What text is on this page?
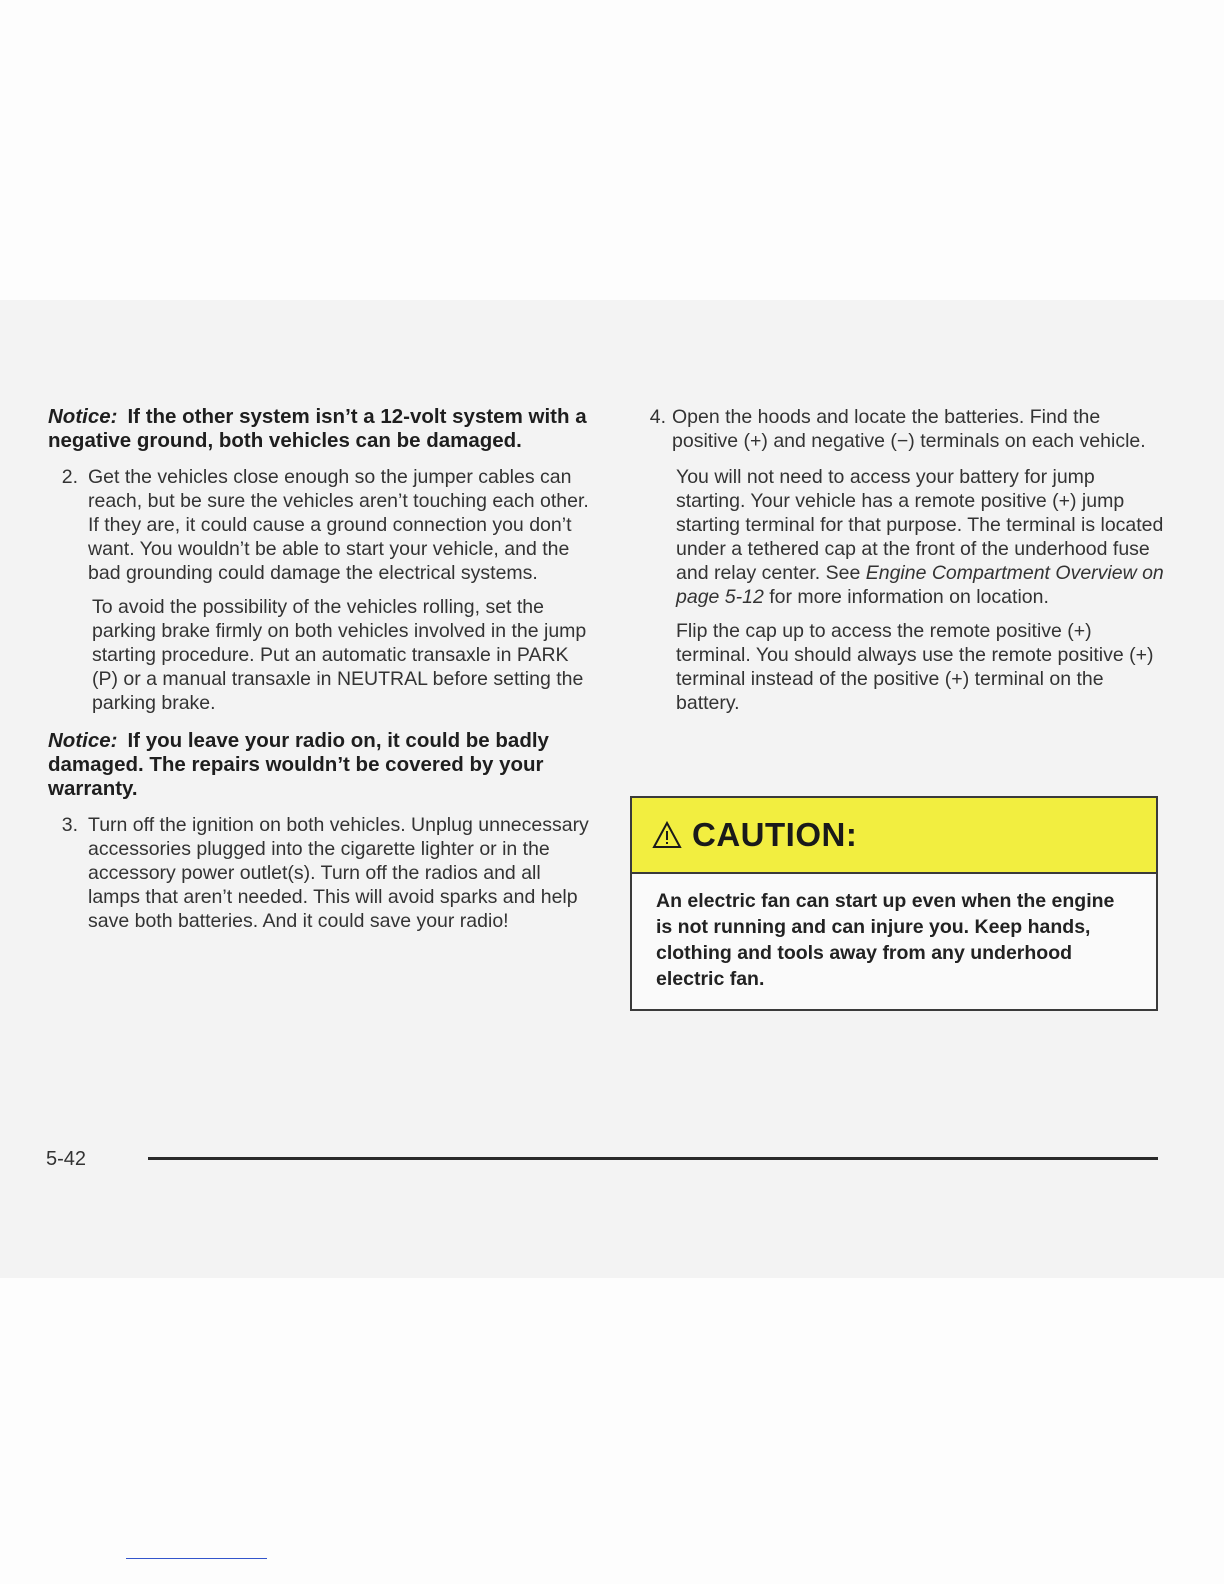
Notice: If the other system isn’t a 12-volt system with a negative ground, both vehicles can be damaged.

2. Get the vehicles close enough so the jumper cables can reach, but be sure the vehicles aren’t touching each other. If they are, it could cause a ground connection you don’t want. You wouldn’t be able to start your vehicle, and the bad grounding could damage the electrical systems.

To avoid the possibility of the vehicles rolling, set the parking brake firmly on both vehicles involved in the jump starting procedure. Put an automatic transaxle in PARK (P) or a manual transaxle in NEUTRAL before setting the parking brake.

Notice: If you leave your radio on, it could be badly damaged. The repairs wouldn’t be covered by your warranty.

3. Turn off the ignition on both vehicles. Unplug unnecessary accessories plugged into the cigarette lighter or in the accessory power outlet(s). Turn off the radios and all lamps that aren’t needed. This will avoid sparks and help save both batteries. And it could save your radio!

4. Open the hoods and locate the batteries. Find the positive (+) and negative (−) terminals on each vehicle.

You will not need to access your battery for jump starting. Your vehicle has a remote positive (+) jump starting terminal for that purpose. The terminal is located under a tethered cap at the front of the underhood fuse and relay center. See Engine Compartment Overview on page 5-12 for more information on location.

Flip the cap up to access the remote positive (+) terminal. You should always use the remote positive (+) terminal instead of the positive (+) terminal on the battery.

CAUTION:
An electric fan can start up even when the engine is not running and can injure you. Keep hands, clothing and tools away from any underhood electric fan.
5-42
